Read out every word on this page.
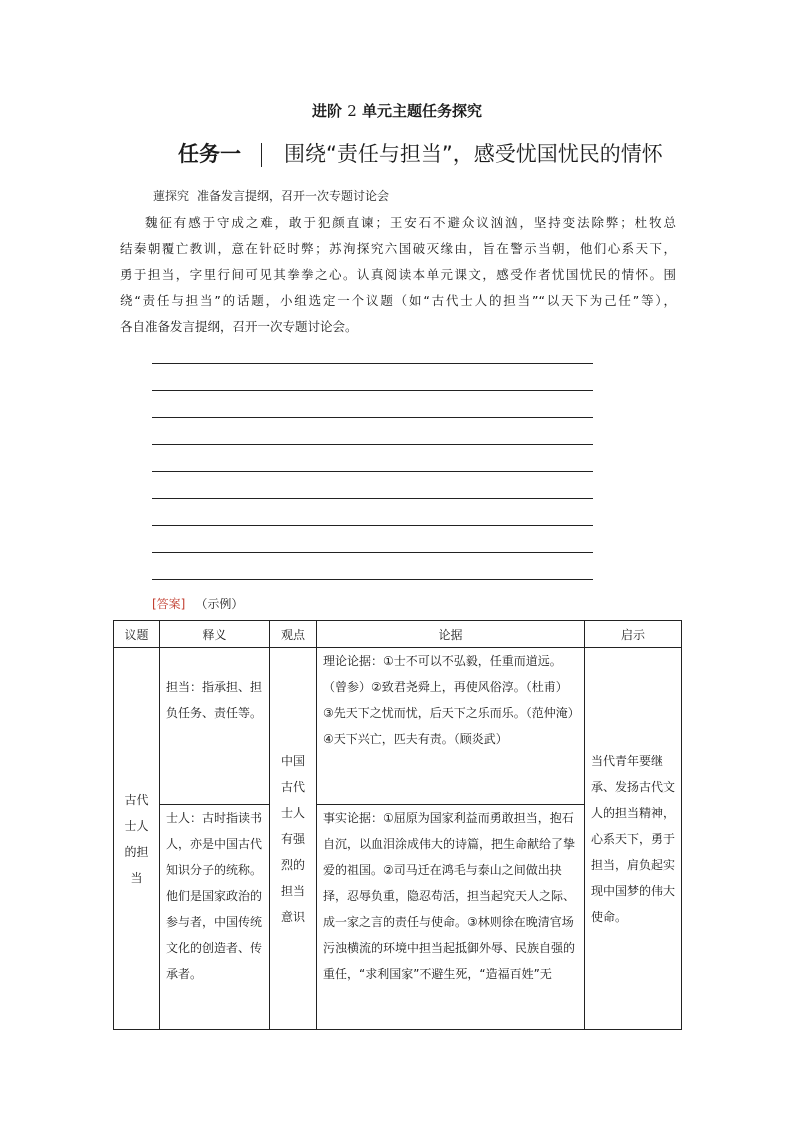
进阶 2 单元主题任务探究
任务一 围绕“责任与担当”，感受忧国忧民的情怀
蓮探究 准备发言提纲，召开一次专题讨论会
魏征有感于守成之难，敢于犯颜直谏；王安石不避众议汹汹，坚持变法除弊；杜牧总
结秦朝覆亡教训，意在针砭时弊；苏洵探究六国破灭缘由，旨在警示当朝，他们心系天下，
勇于担当，字里行间可见其拳拳之心。认真阅读本单元课文，感受作者忧国忧民的情怀。围
绕“责任与担当”的话题，小组选定一个议题（如“古代士人的担当”“以天下为己任”等），
各自准备发言提纲，召开一次专题讨论会。
[答案] （示例）
议题	释义	观点	论据	启示

古代士人的担当	担当：指承担、担负任务、责任等。	中国古代士人有强烈的担当意识	理论论据：①士不可以不弘毅，任重而道远。（曾参）②致君尧舜上，再使风俗淳。（杜甫）③先天下之忧而忧，后天下之乐而乐。（范仲淹）④天下兴亡，匹夫有责。（顾炎武）	当代青年要继承、发扬古代文人的担当精神，心系天下，勇于担当，肩负起实现中国梦的伟大使命。

	士人：古时指读书人，亦是中国古代知识分子的统称。他们是国家政治的参与者，中国传统文化的创造者、传承者。		事实论据：①屈原为国家利益而勇敢担当，抱石自沉，以血泪涂成伟大的诗篇，把生命献给了挚爱的祖国。②司马迁在鸿毛与泰山之间做出抉择，忍辱负重，隐忍苟活，担当起究天人之际、成一家之言的责任与使命。③林则徐在晚清官场污浊横流的环境中担当起抵御外辱、民族自强的重任，“求利国家”不避生死，“造福百姓”无	
